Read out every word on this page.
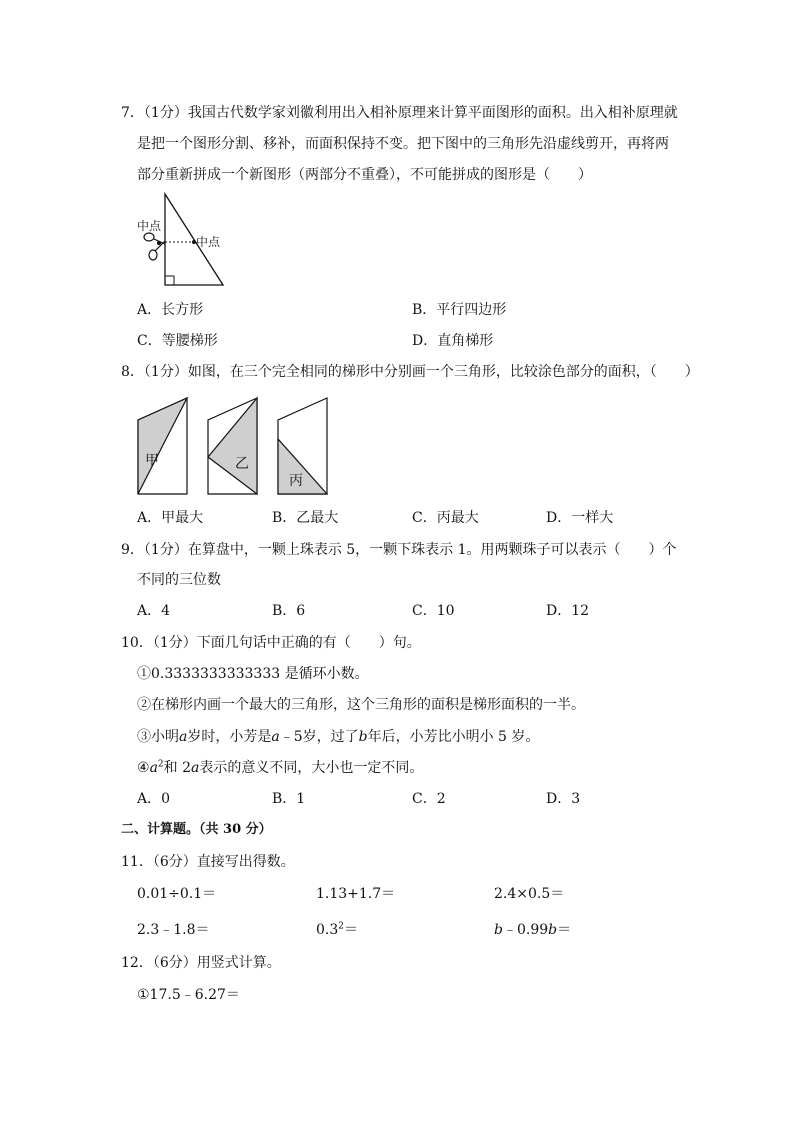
7．（1分）我国古代数学家刘徽利用出入相补原理来计算平面图形的面积。出入相补原理就
是把一个图形分割、移补，而面积保持不变。把下图中的三角形先沿虚线剪开，再将两
部分重新拼成一个新图形（两部分不重叠），不可能拼成的图形是（　　）
中点
中点
A．长方形	B．平行四边形
C．等腰梯形	D．直角梯形
8．（1分）如图，在三个完全相同的梯形中分别画一个三角形，比较涂色部分的面积，（　　）
甲	乙
丙
A．甲最大	B．乙最大	C．丙最大	D．一样大
9．（1分）在算盘中，一颗上珠表示 5，一颗下珠表示 1。用两颗珠子可以表示（　　）个
不同的三位数
A．4	B．6	C．10	D．12
10．（1分）下面几句话中正确的有（　　）句。
①0.3333333333333 是循环小数。
②在梯形内画一个最大的三角形，这个三角形的面积是梯形面积的一半。
③小明a岁时，小芳是a﹣5岁，过了b年后，小芳比小明小 5 岁。
$④a^2$和 2a表示的意义不同，大小也一定不同。
A．0	B．1	C．2	D．3
二、计算题。（共 30 分）
11．（6分）直接写出得数。
0.01÷0.1＝	1.13+1.7＝	2.4×0.5＝
2.3﹣1.8＝	$0.3^2=$	b﹣0.99b＝
12．（6分）用竖式计算。
①17.5﹣6.27＝
